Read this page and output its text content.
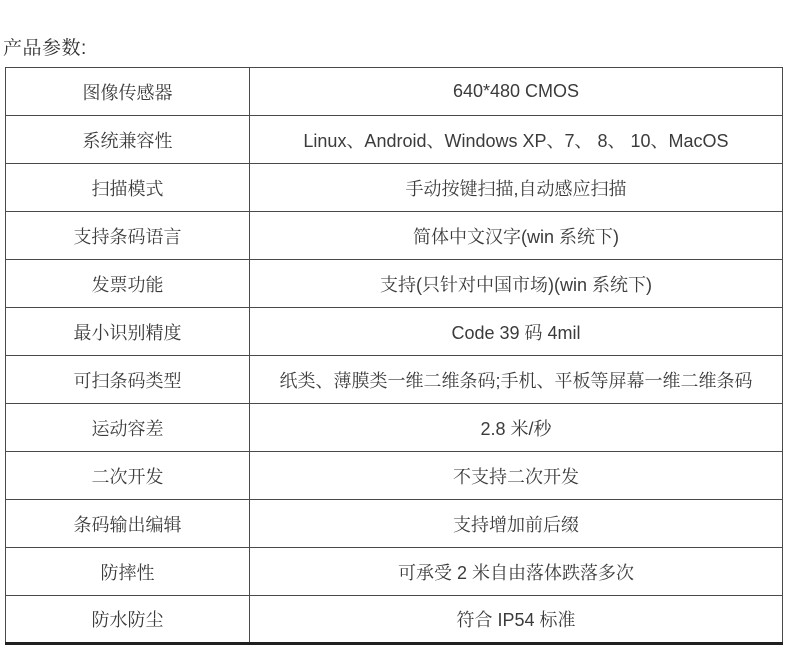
产品参数:
图像传感器	640*480 CMOS
系统兼容性	Linux、Android、Windows XP、7、 8、 10、MacOS
扫描模式	手动按键扫描,自动感应扫描
支持条码语言	简体中文汉字(win 系统下)
发票功能	支持(只针对中国市场)(win 系统下)
最小识别精度	Code 39 码 4mil
可扫条码类型	纸类、薄膜类一维二维条码;手机、平板等屏幕一维二维条码
运动容差	2.8 米/秒
二次开发	不支持二次开发
条码输出编辑	支持增加前后缀
防摔性	可承受 2 米自由落体跌落多次
防水防尘	符合 IP54 标准
